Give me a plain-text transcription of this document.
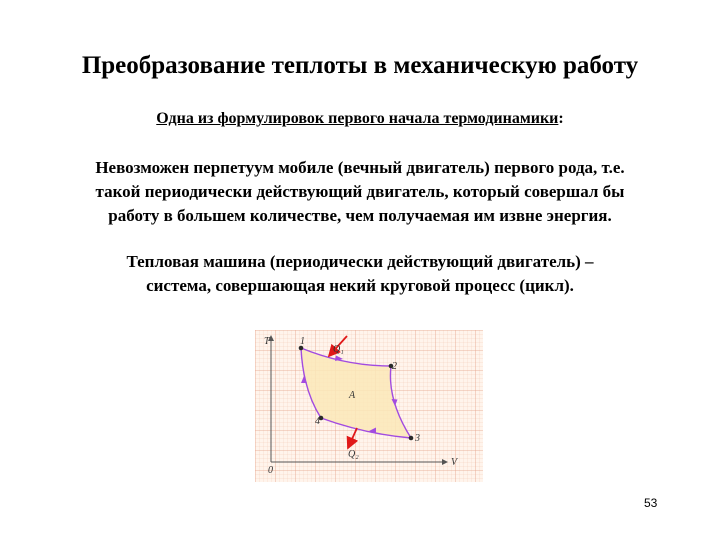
Преобразование теплоты в механическую работу
Одна из формулировок первого начала термодинамики:
Невозможен перпетуум мобиле (вечный двигатель) первого рода, т.е.
такой периодически действующий двигатель, который совершал бы
работу в большем количестве, чем получаемая им извне энергия.
Тепловая машина (периодически действующий двигатель) –
система, совершающая некий круговой процесс (цикл).
T
V
0
1
2
3
4
A
Q₁
Q₂
53
